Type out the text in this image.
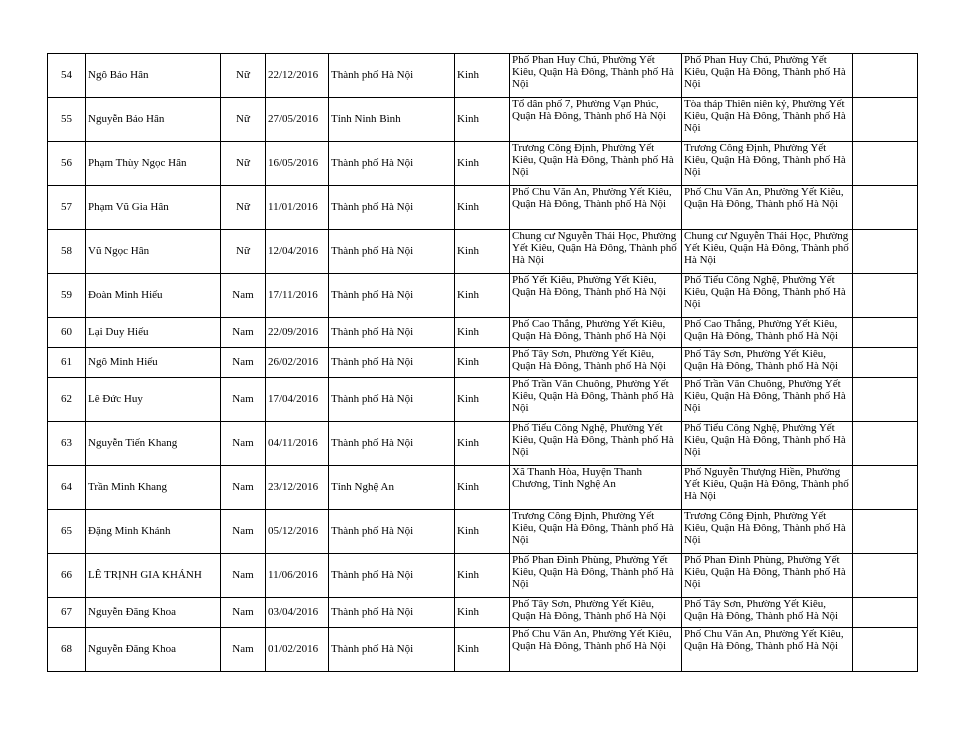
54	Ngô Bảo Hân	Nữ	22/12/2016	Thành phố Hà Nội	Kinh	Phố Phan Huy Chú, Phường Yết Kiêu, Quận Hà Đông, Thành phố Hà Nội	Phố Phan Huy Chú, Phường Yết Kiêu, Quận Hà Đông, Thành phố Hà Nội	
55	Nguyễn Bảo Hân	Nữ	27/05/2016	Tỉnh Ninh Bình	Kinh	Tổ dân phố 7, Phường Vạn Phúc, Quận Hà Đông, Thành phố Hà Nội	Tòa tháp Thiên niên kỷ, Phường Yết Kiêu, Quận Hà Đông, Thành phố Hà Nội	
56	Phạm Thùy Ngọc Hân	Nữ	16/05/2016	Thành phố Hà Nội	Kinh	Trương Công Định, Phường Yết Kiêu, Quận Hà Đông, Thành phố Hà Nội	Trương Công Định, Phường Yết Kiêu, Quận Hà Đông, Thành phố Hà Nội	
57	Phạm Vũ Gia Hân	Nữ	11/01/2016	Thành phố Hà Nội	Kinh	Phố Chu Văn An, Phường Yết Kiêu, Quận Hà Đông, Thành phố Hà Nội	Phố Chu Văn An, Phường Yết Kiêu, Quận Hà Đông, Thành phố Hà Nội	
58	Vũ Ngọc Hân	Nữ	12/04/2016	Thành phố Hà Nội	Kinh	Chung cư Nguyễn Thái Học, Phường Yết Kiêu, Quận Hà Đông, Thành phố Hà Nội	Chung cư Nguyễn Thái Học, Phường Yết Kiêu, Quận Hà Đông, Thành phố Hà Nội	
59	Đoàn Minh Hiếu	Nam	17/11/2016	Thành phố Hà Nội	Kinh	Phố Yết Kiêu, Phường Yết Kiêu, Quận Hà Đông, Thành phố Hà Nội	Phố Tiểu Công Nghệ, Phường Yết Kiêu, Quận Hà Đông, Thành phố Hà Nội	
60	Lại Duy Hiếu	Nam	22/09/2016	Thành phố Hà Nội	Kinh	Phố Cao Thắng, Phường Yết Kiêu, Quận Hà Đông, Thành phố Hà Nội	Phố Cao Thắng, Phường Yết Kiêu, Quận Hà Đông, Thành phố Hà Nội	
61	Ngô Minh Hiếu	Nam	26/02/2016	Thành phố Hà Nội	Kinh	Phố Tây Sơn, Phường Yết Kiêu, Quận Hà Đông, Thành phố Hà Nội	Phố Tây Sơn, Phường Yết Kiêu, Quận Hà Đông, Thành phố Hà Nội	
62	Lê Đức Huy	Nam	17/04/2016	Thành phố Hà Nội	Kinh	Phố Trần Văn Chuông, Phường Yết Kiêu, Quận Hà Đông, Thành phố Hà Nội	Phố Trần Văn Chuông, Phường Yết Kiêu, Quận Hà Đông, Thành phố Hà Nội	
63	Nguyễn Tiến Khang	Nam	04/11/2016	Thành phố Hà Nội	Kinh	Phố Tiểu Công Nghệ, Phường Yết Kiêu, Quận Hà Đông, Thành phố Hà Nội	Phố Tiểu Công Nghệ, Phường Yết Kiêu, Quận Hà Đông, Thành phố Hà Nội	
64	Trần Minh Khang	Nam	23/12/2016	Tỉnh Nghệ An	Kinh	Xã Thanh Hòa, Huyện Thanh Chương, Tỉnh Nghệ An	Phố Nguyễn Thượng Hiền, Phường Yết Kiêu, Quận Hà Đông, Thành phố Hà Nội	
65	Đặng Minh Khánh	Nam	05/12/2016	Thành phố Hà Nội	Kinh	Trương Công Định, Phường Yết Kiêu, Quận Hà Đông, Thành phố Hà Nội	Trương Công Định, Phường Yết Kiêu, Quận Hà Đông, Thành phố Hà Nội	
66	LÊ TRỊNH GIA KHÁNH	Nam	11/06/2016	Thành phố Hà Nội	Kinh	Phố Phan Đình Phùng, Phường Yết Kiêu, Quận Hà Đông, Thành phố Hà Nội	Phố Phan Đình Phùng, Phường Yết Kiêu, Quận Hà Đông, Thành phố Hà Nội	
67	Nguyễn Đăng Khoa	Nam	03/04/2016	Thành phố Hà Nội	Kinh	Phố Tây Sơn, Phường Yết Kiêu, Quận Hà Đông, Thành phố Hà Nội	Phố Tây Sơn, Phường Yết Kiêu, Quận Hà Đông, Thành phố Hà Nội	
68	Nguyễn Đăng Khoa	Nam	01/02/2016	Thành phố Hà Nội	Kinh	Phố Chu Văn An, Phường Yết Kiêu, Quận Hà Đông, Thành phố Hà Nội	Phố Chu Văn An, Phường Yết Kiêu, Quận Hà Đông, Thành phố Hà Nội	
